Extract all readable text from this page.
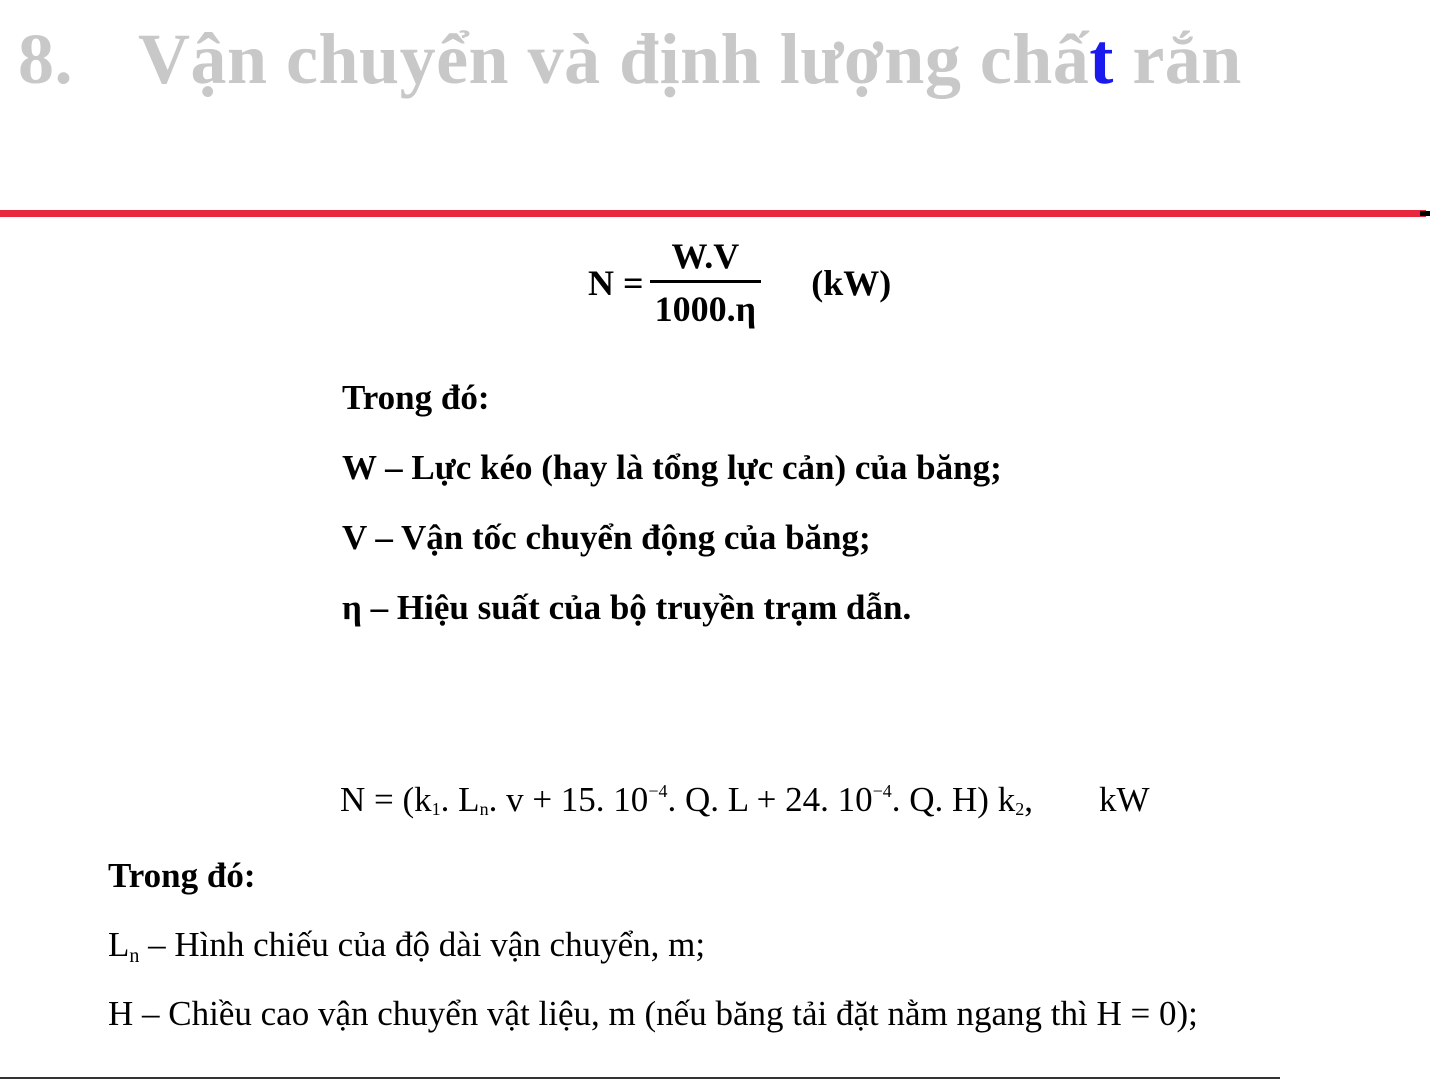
8. Vận chuyển và định lượng chất rắn
$N = \frac{W.V}{1000.\eta} (kW)$
Trong đó:
W – Lực kéo (hay là tổng lực cản) của băng;
V – Vận tốc chuyển động của băng;
η – Hiệu suất của bộ truyền trạm dẫn.
$N = (k_1$. $L_n$. v + 15. $10^{-4}$. Q. L + 24. $10^{-4}$. Q. H) $k_2$, kW
Trong đó:
$L_n$ – Hình chiếu của độ dài vận chuyển, m;
H – Chiều cao vận chuyển vật liệu, m (nếu băng tải đặt nằm ngang thì H = 0);
